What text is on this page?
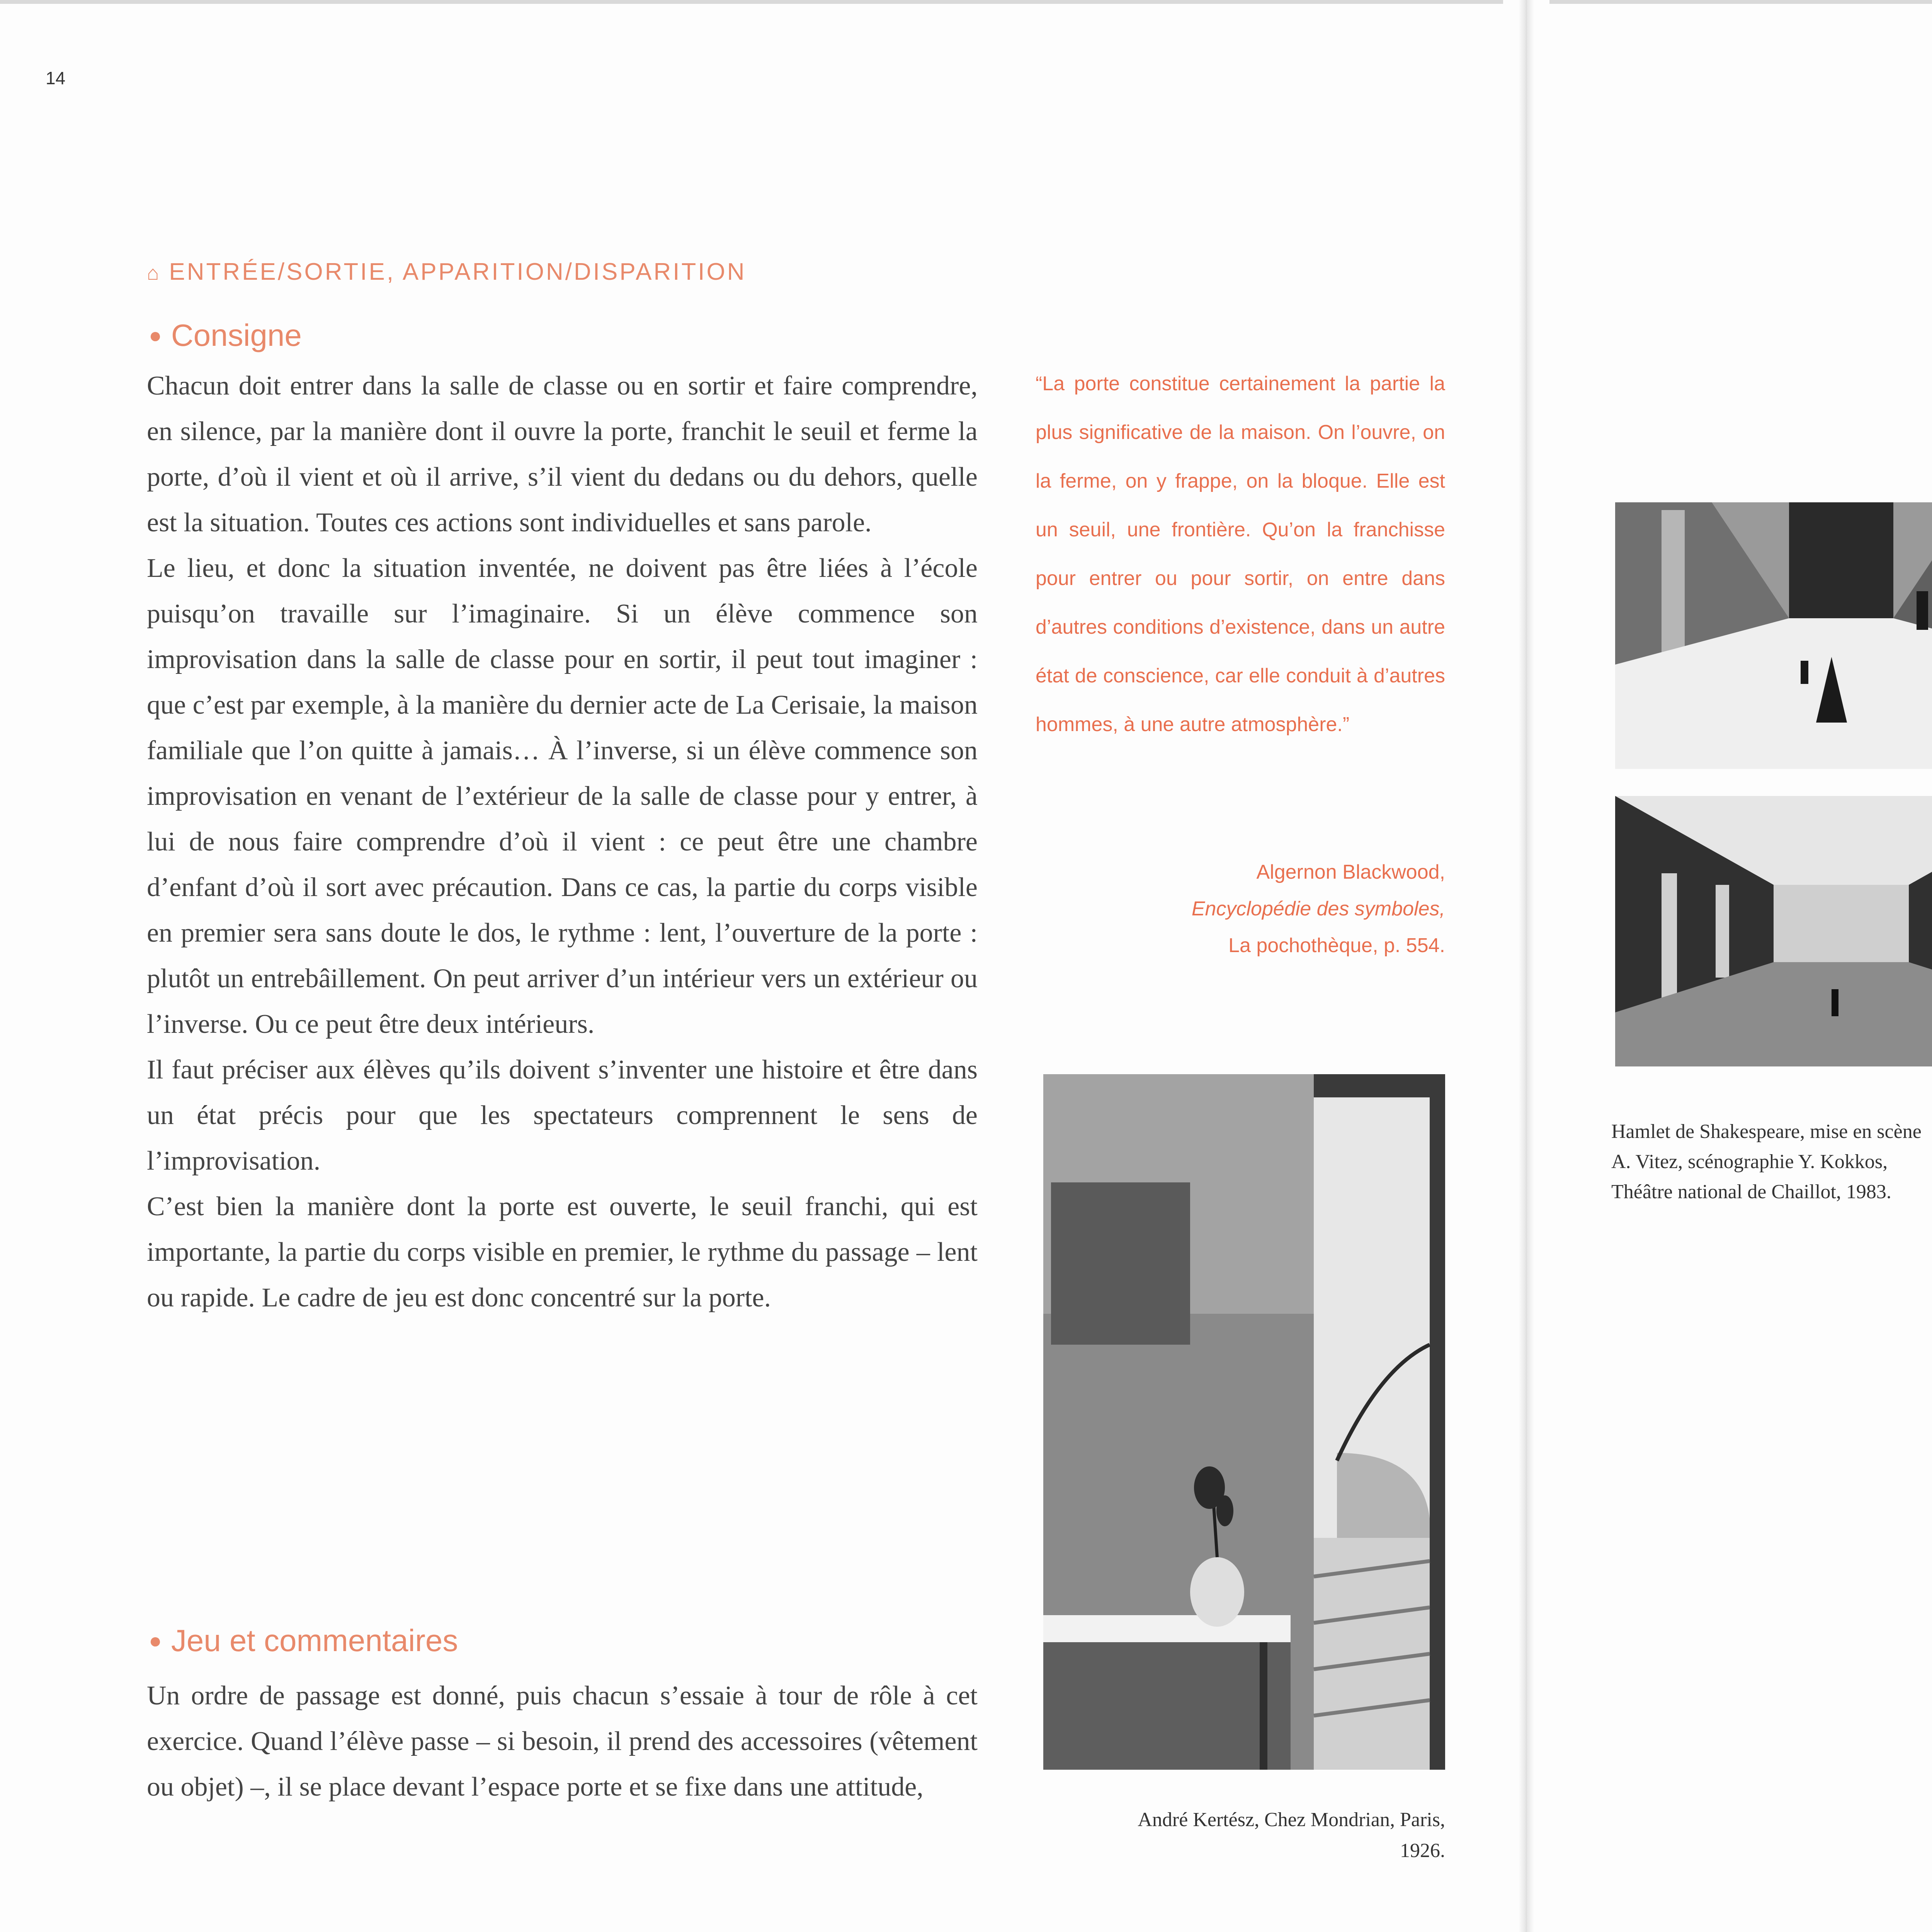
14
⌂ ENTRÉE/SORTIE, APPARITION/DISPARITION
● Consigne

Chacun doit entrer dans la salle de classe ou en sortir et faire comprendre, en silence, par la manière dont il ouvre la porte, franchit le seuil et ferme la porte, d’où il vient et où il arrive, s’il vient du dedans ou du dehors, quelle est la situation. Toutes ces actions sont individuelles et sans parole.

Le lieu, et donc la situation inventée, ne doivent pas être liées à l’école puisqu’on travaille sur l’imaginaire. Si un élève commence son improvisation dans la salle de classe pour en sortir, il peut tout imaginer : que c’est par exemple, à la manière du dernier acte de La Cerisaie, la maison familiale que l’on quitte à jamais… À l’inverse, si un élève commence son improvisation en venant de l’extérieur de la salle de classe pour y entrer, à lui de nous faire comprendre d’où il vient : ce peut être une chambre d’enfant d’où il sort avec précaution. Dans ce cas, la partie du corps visible en premier sera sans doute le dos, le rythme : lent, l’ouverture de la porte : plutôt un entrebâillement. On peut arriver d’un intérieur vers un extérieur ou l’inverse. Ou ce peut être deux intérieurs.

Il faut préciser aux élèves qu’ils doivent s’inventer une histoire et être dans un état précis pour que les spectateurs comprennent le sens de l’improvisation.

C’est bien la manière dont la porte est ouverte, le seuil franchi, qui est importante, la partie du corps visible en premier, le rythme du passage – lent ou rapide. Le cadre de jeu est donc concentré sur la porte.

● Jeu et commentaires

Un ordre de passage est donné, puis chacun s’essaie à tour de rôle à cet exercice. Quand l’élève passe – si besoin, il prend des accessoires (vêtement ou objet) –, il se place devant l’espace porte et se fixe dans une attitude,

“La porte constitue certainement la partie la plus significative de la maison. On l’ouvre, on la ferme, on y frappe, on la bloque. Elle est un seuil, une frontière. Qu’on la franchisse pour entrer ou pour sortir, on entre dans d’autres conditions d’existence, dans un autre état de conscience, car elle conduit à d’autres hommes, à une autre atmosphère.”

Algernon Blackwood,
Encyclopédie des symboles,
La pochothèque, p. 554.
André Kertész, Chez Mondrian, Paris,
1926.
Hamlet de Shakespeare, mise en scène
A. Vitez, scénographie Y. Kokkos,
Théâtre national de Chaillot, 1983.
